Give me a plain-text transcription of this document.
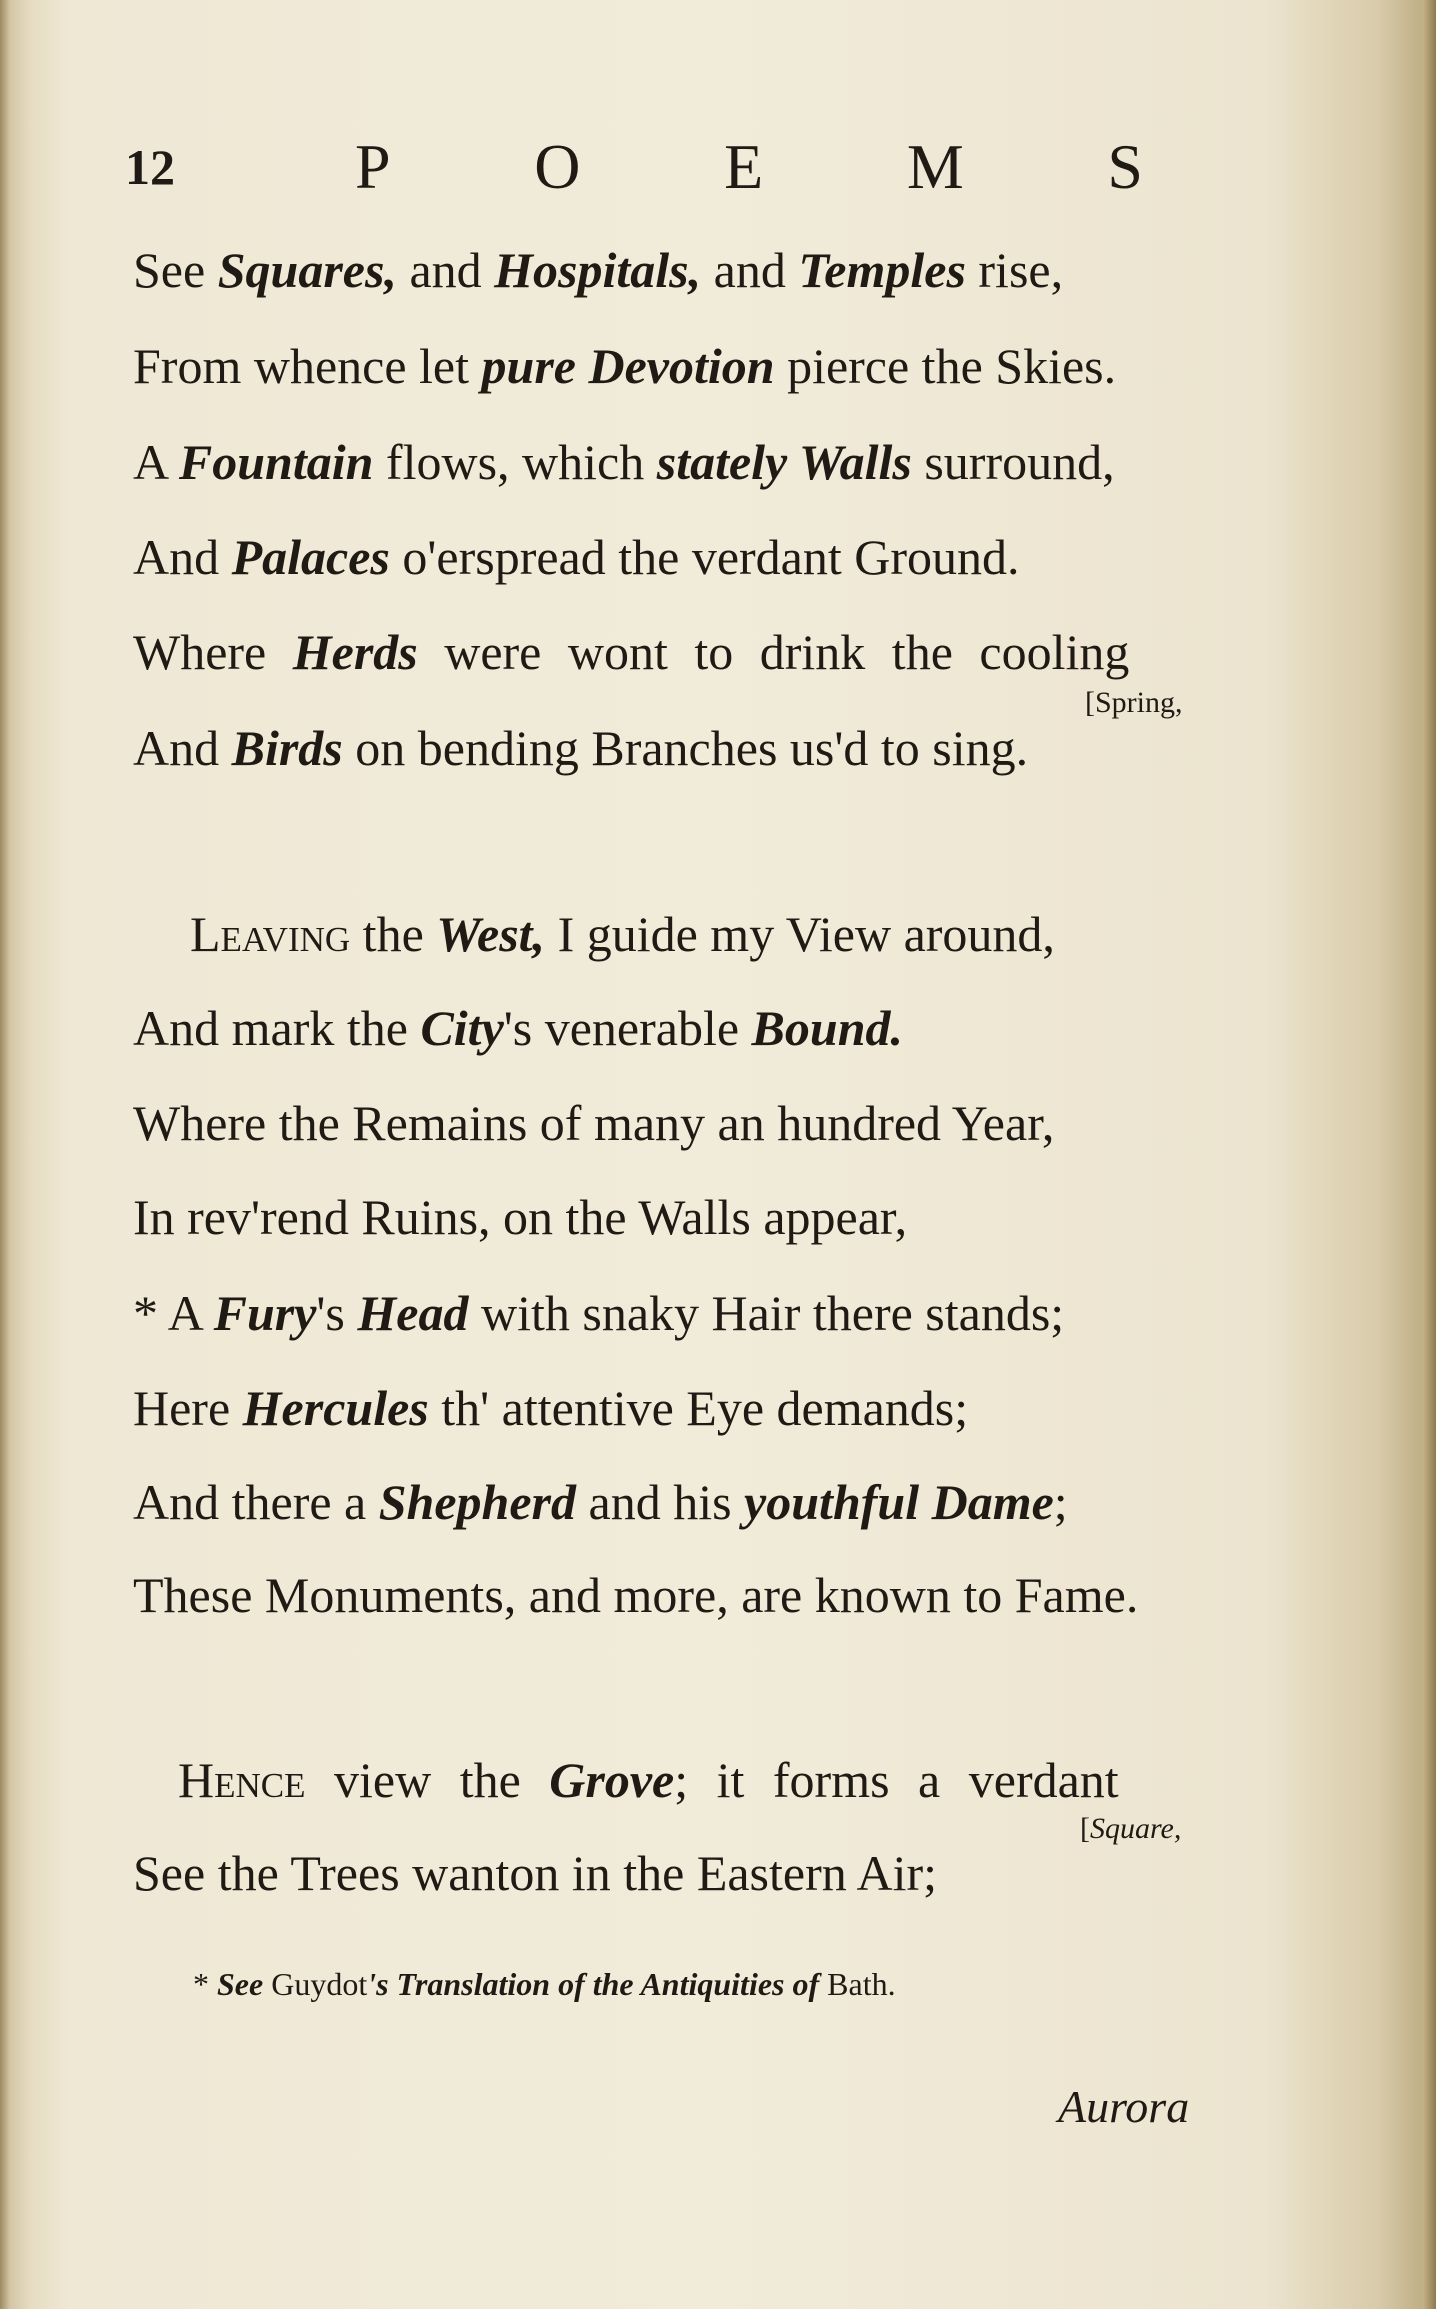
12	P O E M S
See Squares, and Hospitals, and Temples rise,
From whence let pure Devotion pierce the Skies.
A Fountain flows, which stately Walls surround,
And Palaces o'erspread the verdant Ground.
Where Herds were wont to drink the cooling
[Spring,
And Birds on bending Branches us'd to sing.
Leaving the West, I guide my View around,
And mark the City's venerable Bound.
Where the Remains of many an hundred Year,
In rev'rend Ruins, on the Walls appear,
* A Fury's Head with snaky Hair there stands;
Here Hercules th' attentive Eye demands;
And there a Shepherd and his youthful Dame;
These Monuments, and more, are known to Fame.
Hence view the Grove; it forms a verdant
[Square,
See the Trees wanton in the Eastern Air;
* See Guydot's Translation of the Antiquities of Bath.
Aurora
